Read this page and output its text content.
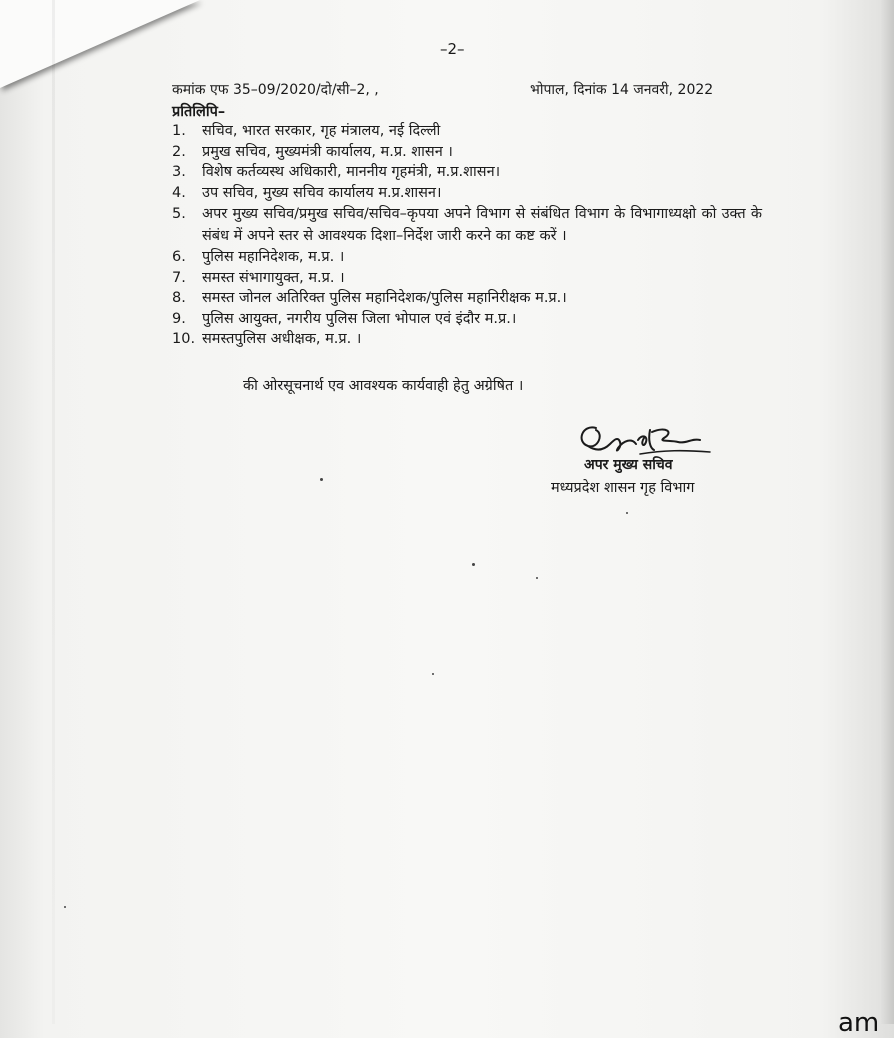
–2–
कमांक एफ 35–09/2020/दो/सी–2, ,	भोपाल, दिनांक 14 जनवरी, 2022
प्रतिलिपि–
1. सचिव, भारत सरकार, गृह मंत्रालय, नई दिल्ली
2. प्रमुख सचिव, मुख्यमंत्री कार्यालय, म.प्र. शासन ।
3. विशेष कर्तव्यस्थ अधिकारी, माननीय गृहमंत्री, म.प्र.शासन।
4. उप सचिव, मुख्य सचिव कार्यालय म.प्र.शासन।
5. अपर मुख्य सचिव/प्रमुख सचिव/सचिव–कृपया अपने विभाग से संबंधित विभाग के विभागाध्यक्षो को उक्त के संबंध में अपने स्तर से आवश्यक दिशा–निर्देश जारी करने का कष्ट करें ।
6. पुलिस महानिदेशक, म.प्र. ।
7. समस्त संभागायुक्त, म.प्र. ।
8. समस्त जोनल अतिरिक्त पुलिस महानिदेशक/पुलिस महानिरीक्षक म.प्र.।
9. पुलिस आयुक्त, नगरीय पुलिस जिला भोपाल एवं इंदौर म.प्र.।
10. समस्तपुलिस अधीक्षक, म.प्र. ।
की ओरसूचनार्थ एव आवश्यक कार्यवाही हेतु अग्रेषित ।
अपर मुख्य सचिव
मध्यप्रदेश शासन गृह विभाग
am
